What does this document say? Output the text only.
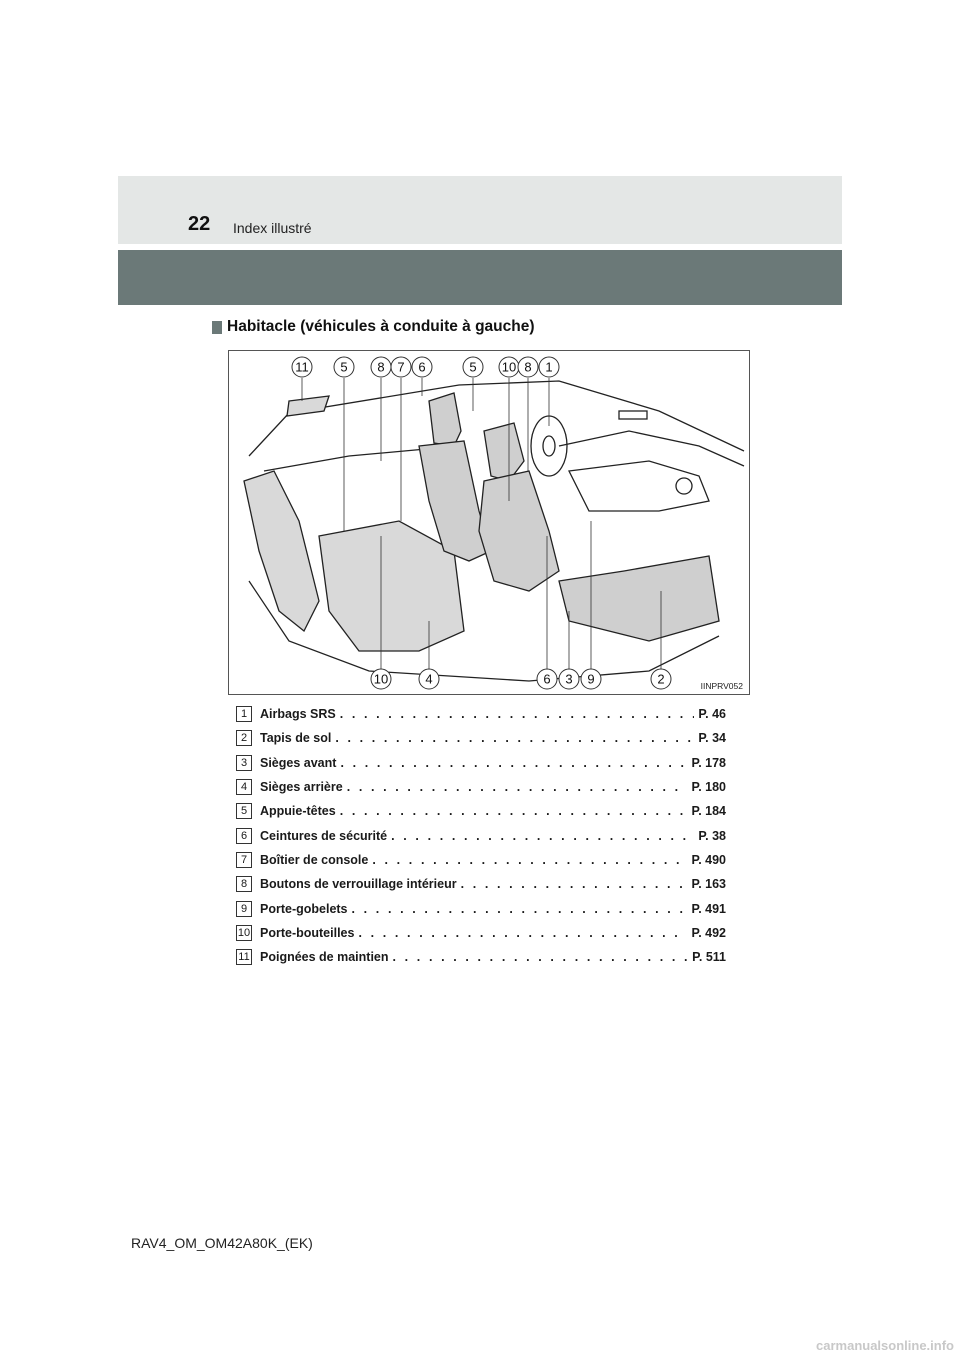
22 Index illustré
Habitacle (véhicules à conduite à gauche)
11 5 8 7 6	5 10 8 1
10	4	6 3 9	2	IINPRV052
1	Airbags SRS . . .	P. 46
2	Tapis de sol . . .	P. 34
3	Sièges avant . . .	P. 178
4	Sièges arrière . . .	P. 180
5	Appuie-têtes . . .	P. 184
6	Ceintures de sécurité . . .	P. 38
7	Boîtier de console . . .	P. 490
8	Boutons de verrouillage intérieur . . .	P. 163
9	Porte-gobelets . . .	P. 491
10 Porte-bouteilles . . .	P. 492
11 Poignées de maintien . . .	P. 511
RAV4_OM_OM42A80K_(EK)
carmanualsonline.info
